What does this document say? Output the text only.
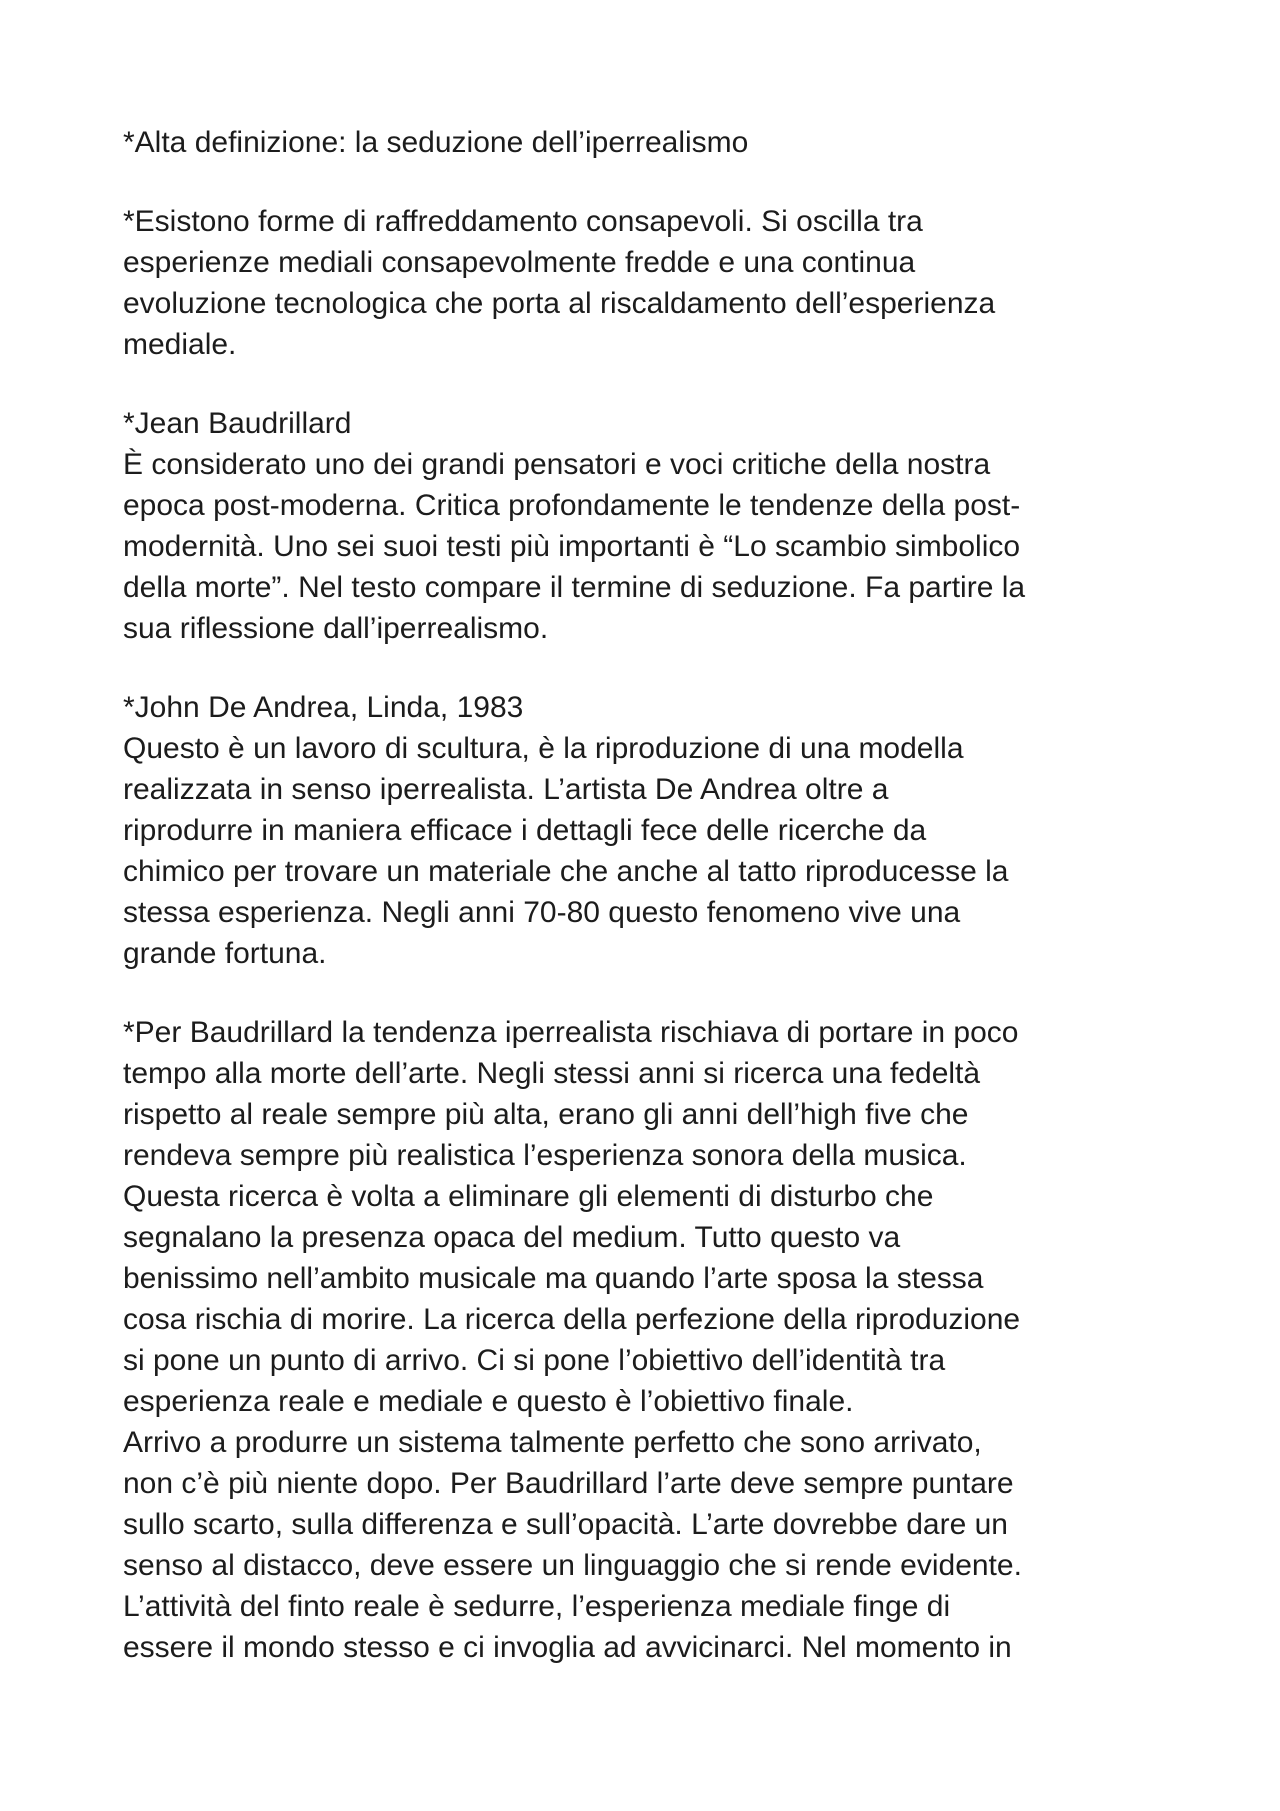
*Alta definizione: la seduzione dell’iperrealismo
*Esistono forme di raffreddamento consapevoli. Si oscilla tra
esperienze mediali consapevolmente fredde e una continua
evoluzione tecnologica che porta al riscaldamento dell’esperienza
mediale.
*Jean Baudrillard
È considerato uno dei grandi pensatori e voci critiche della nostra
epoca post-moderna. Critica profondamente le tendenze della post-
modernità. Uno sei suoi testi più importanti è “Lo scambio simbolico
della morte”. Nel testo compare il termine di seduzione. Fa partire la
sua riflessione dall’iperrealismo.
*John De Andrea, Linda, 1983
Questo è un lavoro di scultura, è la riproduzione di una modella
realizzata in senso iperrealista. L’artista De Andrea oltre a
riprodurre in maniera efficace i dettagli fece delle ricerche da
chimico per trovare un materiale che anche al tatto riproducesse la
stessa esperienza. Negli anni 70-80 questo fenomeno vive una
grande fortuna.
*Per Baudrillard la tendenza iperrealista rischiava di portare in poco
tempo alla morte dell’arte. Negli stessi anni si ricerca una fedeltà
rispetto al reale sempre più alta, erano gli anni dell’high five che
rendeva sempre più realistica l’esperienza sonora della musica.
Questa ricerca è volta a eliminare gli elementi di disturbo che
segnalano la presenza opaca del medium. Tutto questo va
benissimo nell’ambito musicale ma quando l’arte sposa la stessa
cosa rischia di morire. La ricerca della perfezione della riproduzione
si pone un punto di arrivo. Ci si pone l’obiettivo dell’identità tra
esperienza reale e mediale e questo è l’obiettivo finale.
Arrivo a produrre un sistema talmente perfetto che sono arrivato,
non c’è più niente dopo. Per Baudrillard l’arte deve sempre puntare
sullo scarto, sulla differenza e sull’opacità. L’arte dovrebbe dare un
senso al distacco, deve essere un linguaggio che si rende evidente.
L’attività del finto reale è sedurre, l’esperienza mediale finge di
essere il mondo stesso e ci invoglia ad avvicinarci. Nel momento in
